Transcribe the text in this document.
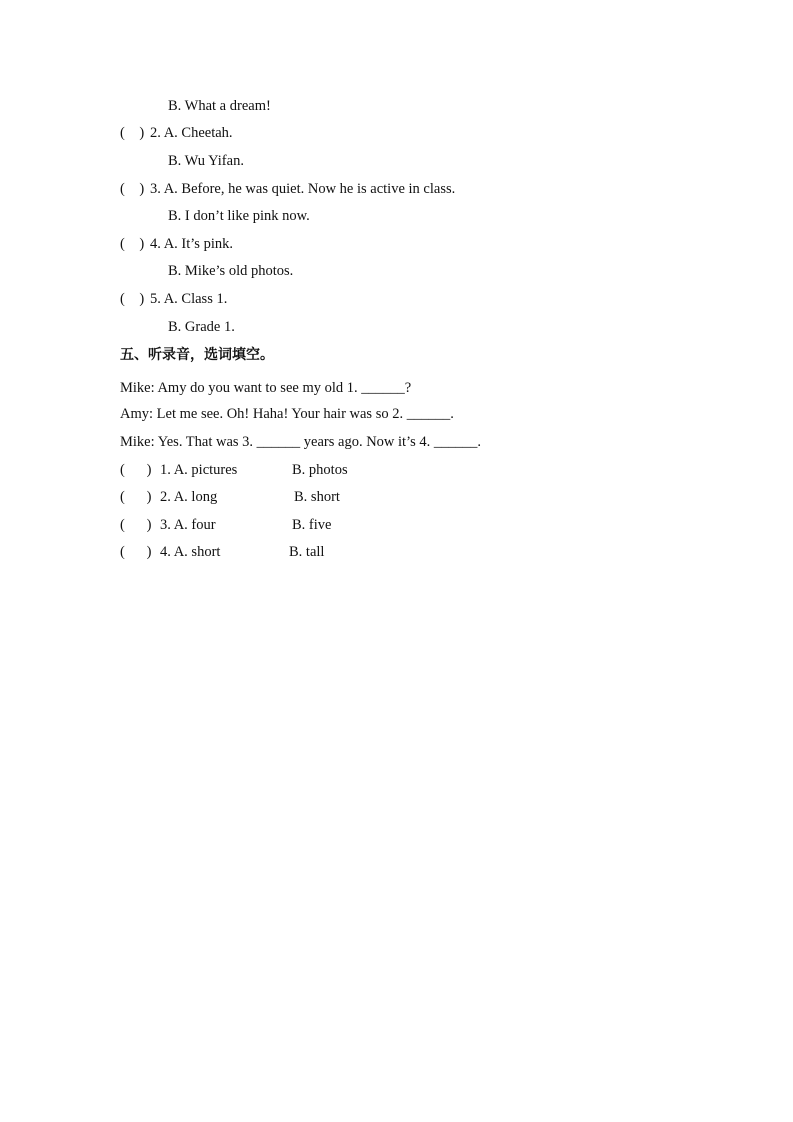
B. What a dream!
(    ) 2. A. Cheetah.
B. Wu Yifan.
(    ) 3. A. Before, he was quiet. Now he is active in class.
B. I don’t like pink now.
(    ) 4. A. It’s pink.
B. Mike’s old photos.
(    ) 5. A. Class 1.
B. Grade 1.
五、听录音，选词填空。
Mike: Amy do you want to see my old 1. ______?
Amy: Let me see. Oh! Haha! Your hair was so 2. ______.
Mike: Yes. That was 3. ______ years ago. Now it’s 4. ______.
(      ) 1. A. pictures	B. photos
(      ) 2. A. long	B. short
(      ) 3. A. four	B. five
(      ) 4. A. short	B. tall
